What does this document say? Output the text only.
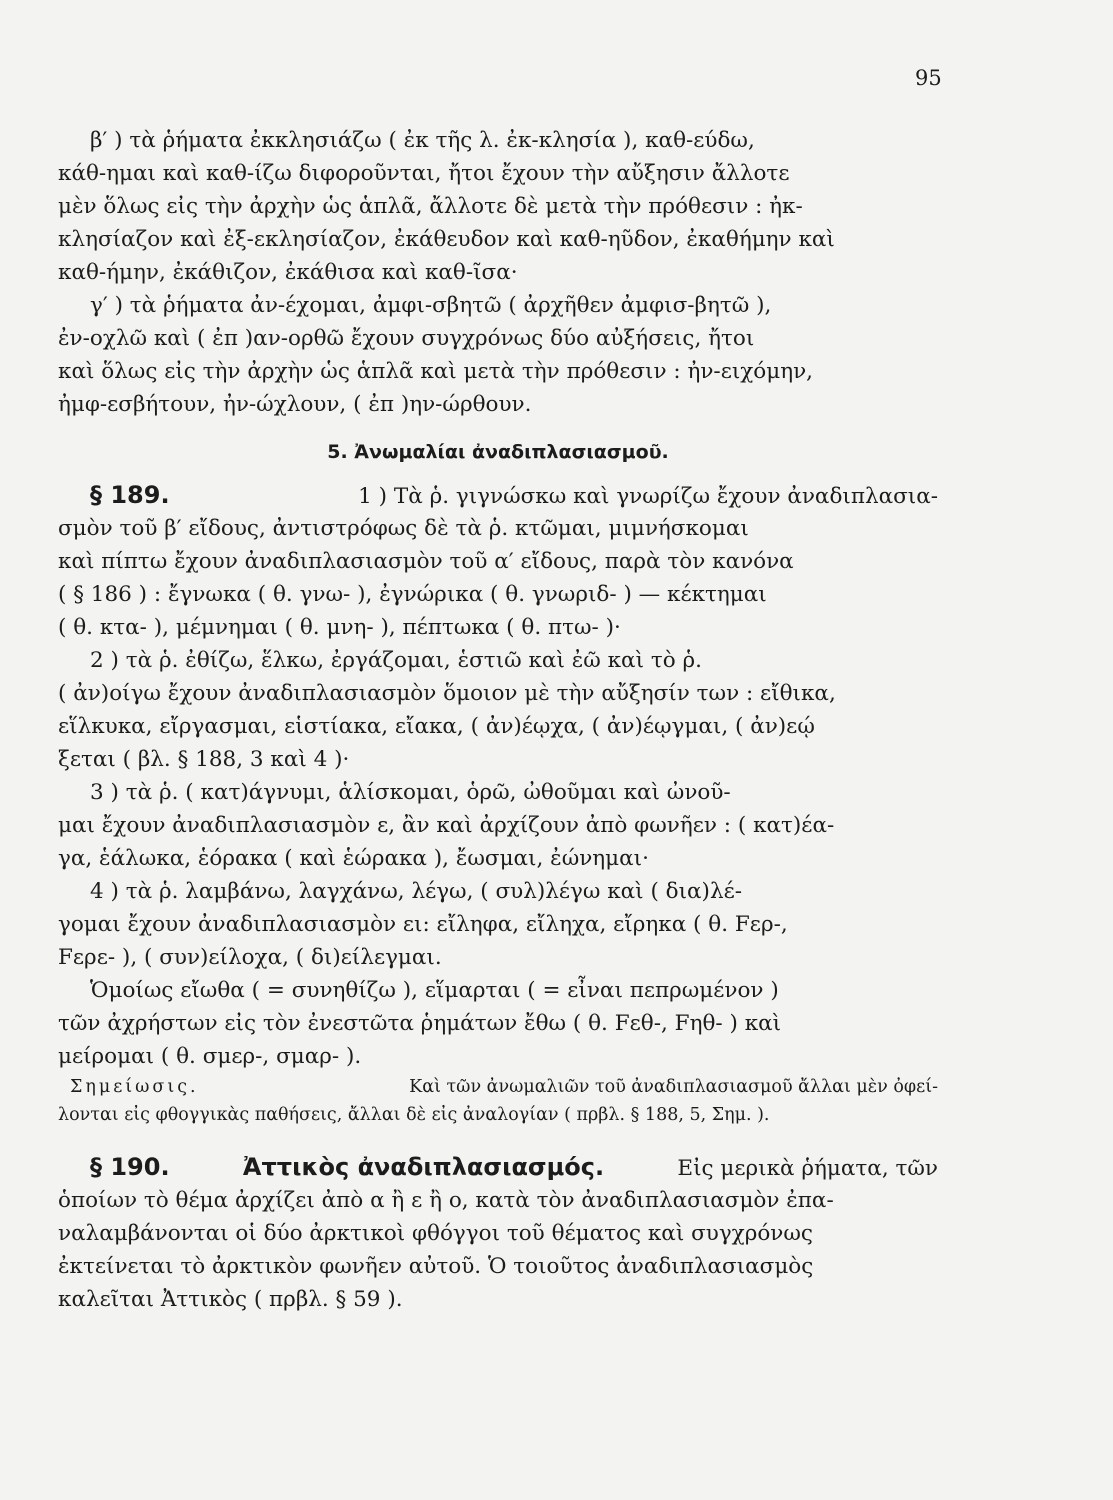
95
β′ ) τὰ ῥήματα ἐκκλησιάζω ( ἐκ τῆς λ. ἐκ-κλησία ), καθ-εύδω,
κάθ-ημαι καὶ καθ-ίζω διφοροῦνται, ἤτοι ἔχουν τὴν αὔξησιν ἄλλοτε
μὲν ὅλως εἰς τὴν ἀρχὴν ὡς ἁπλᾶ, ἄλλοτε δὲ μετὰ τὴν πρόθεσιν : ἠκ-
κλησίαζον καὶ ἐξ-εκλησίαζον, ἐκάθευδον καὶ καθ-ηῦδον, ἐκαθήμην καὶ
καθ-ήμην, ἐκάθιζον, ἐκάθισα καὶ καθ-ῖσα·
γ′ ) τὰ ῥήματα ἀν-έχομαι, ἀμφι-σβητῶ ( ἀρχῆθεν ἀμφισ-βητῶ ),
ἐν-οχλῶ καὶ ( ἐπ )αν-ορθῶ ἔχουν συγχρόνως δύο αὐξήσεις, ἤτοι
καὶ ὅλως εἰς τὴν ἀρχὴν ὡς ἁπλᾶ καὶ μετὰ τὴν πρόθεσιν : ἠν-ειχόμην,
ἠμφ-εσβήτουν, ἠν-ώχλουν, ( ἐπ )ην-ώρθουν.
5. Ἀνωμαλίαι ἀναδιπλασιασμοῦ.
§ 189.	1 ) Τὰ ῥ. γιγνώσκω καὶ γνωρίζω ἔχουν ἀναδιπλασια-
σμὸν τοῦ β′ εἴδους, ἀντιστρόφως δὲ τὰ ῥ. κτῶμαι, μιμνήσκομαι
καὶ πίπτω ἔχουν ἀναδιπλασιασμὸν τοῦ α′ εἴδους, παρὰ τὸν κανόνα
( § 186 ) : ἔγνωκα ( θ. γνω- ), ἐγνώρικα ( θ. γνωριδ- ) — κέκτημαι
( θ. κτα- ), μέμνημαι ( θ. μνη- ), πέπτωκα ( θ. πτω- )·
2 ) τὰ ῥ. ἐθίζω, ἕλκω, ἐργάζομαι, ἑστιῶ καὶ ἐῶ καὶ τὸ ῥ.
( ἀν)οίγω ἔχουν ἀναδιπλασιασμὸν ὅμοιον μὲ τὴν αὔξησίν των : εἴθικα,
εἵλκυκα, εἴργασμαι, εἱστίακα, εἴακα, ( ἀν)έῳχα, ( ἀν)έῳγμαι, ( ἀν)εῴ
ξεται ( βλ. § 188, 3 καὶ 4 )·
3 ) τὰ ῥ. ( κατ)άγνυμι, ἁλίσκομαι, ὁρῶ, ὠθοῦμαι καὶ ὠνοῦ-
μαι ἔχουν ἀναδιπλασιασμὸν ε, ἂν καὶ ἀρχίζουν ἀπὸ φωνῆεν : ( κατ)έα-
γα, ἑάλωκα, ἑόρακα ( καὶ ἑώρακα ), ἔωσμαι, ἐώνημαι·
4 ) τὰ ῥ. λαμβάνω, λαγχάνω, λέγω, ( συλ)λέγω καὶ ( δια)λέ-
γομαι ἔχουν ἀναδιπλασιασμὸν ει: εἴληφα, εἴληχα, εἴρηκα ( θ. Fερ-,
Fερε- ), ( συν)είλοχα, ( δι)είλεγμαι.
Ὁμοίως εἴωθα ( = συνηθίζω ), εἵμαρται ( = εἶναι πεπρωμένον )
τῶν ἀχρήστων εἰς τὸν ἐνεστῶτα ῥημάτων ἔθω ( θ. Fεθ-, Fηθ- ) καὶ
μείρομαι ( θ. σμερ-, σμαρ- ).
Σημείωσις.	Καὶ τῶν ἀνωμαλιῶν τοῦ ἀναδιπλασιασμοῦ ἄλλαι μὲν ὀφεί-
λονται εἰς φθογγικὰς παθήσεις, ἄλλαι δὲ εἰς ἀναλογίαν ( πρβλ. § 188, 5, Σημ. ).
§ 190.	Ἀττικὸς ἀναδιπλασιασμός.	Εἰς μερικὰ ῥήματα, τῶν
ὁποίων τὸ θέμα ἀρχίζει ἀπὸ α ἢ ε ἢ ο, κατὰ τὸν ἀναδιπλασιασμὸν ἐπα-
ναλαμβάνονται οἱ δύο ἀρκτικοὶ φθόγγοι τοῦ θέματος καὶ συγχρόνως
ἐκτείνεται τὸ ἀρκτικὸν φωνῆεν αὐτοῦ. Ὁ τοιοῦτος ἀναδιπλασιασμὸς
καλεῖται Ἀττικὸς ( πρβλ. § 59 ).
